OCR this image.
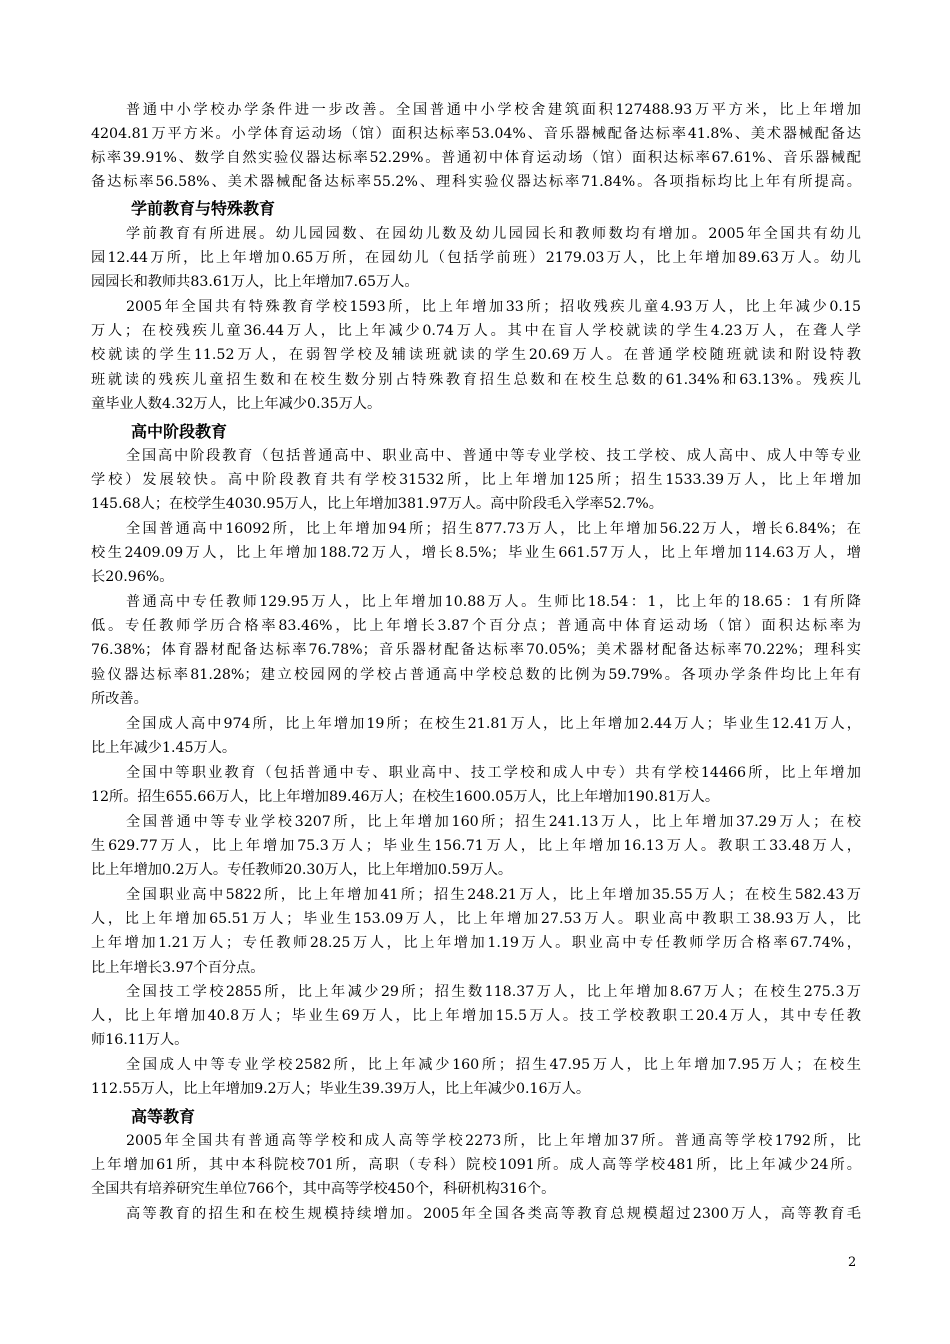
普通中小学校办学条件进一步改善。全国普通中小学校舍建筑面积127488.93万平方米，比上年增加
4204.81万平方米。小学体育运动场（馆）面积达标率53.04%、音乐器械配备达标率41.8%、美术器械配备达
标率39.91%、数学自然实验仪器达标率52.29%。普通初中体育运动场（馆）面积达标率67.61%、音乐器械配
备达标率56.58%、美术器械配备达标率55.2%、理科实验仪器达标率71.84%。各项指标均比上年有所提高。
学前教育与特殊教育
学前教育有所进展。幼儿园园数、在园幼儿数及幼儿园园长和教师数均有增加。2005年全国共有幼儿
园12.44万所，比上年增加0.65万所，在园幼儿（包括学前班）2179.03万人，比上年增加89.63万人。幼儿
园园长和教师共83.61万人，比上年增加7.65万人。
2005年全国共有特殊教育学校1593所，比上年增加33所；招收残疾儿童4.93万人，比上年减少0.15
万人；在校残疾儿童36.44万人，比上年减少0.74万人。其中在盲人学校就读的学生4.23万人，在聋人学
校就读的学生11.52万人，在弱智学校及辅读班就读的学生20.69万人。在普通学校随班就读和附设特教
班就读的残疾儿童招生数和在校生数分别占特殊教育招生总数和在校生总数的61.34%和63.13%。残疾儿
童毕业人数4.32万人，比上年减少0.35万人。
高中阶段教育
全国高中阶段教育（包括普通高中、职业高中、普通中等专业学校、技工学校、成人高中、成人中等专业
学校）发展较快。高中阶段教育共有学校31532所，比上年增加125所；招生1533.39万人，比上年增加
145.68人；在校学生4030.95万人，比上年增加381.97万人。高中阶段毛入学率52.7%。
全国普通高中16092所，比上年增加94所；招生877.73万人，比上年增加56.22万人，增长6.84%；在
校生2409.09万人，比上年增加188.72万人，增长8.5%；毕业生661.57万人，比上年增加114.63万人，增
长20.96%。
普通高中专任教师129.95万人，比上年增加10.88万人。生师比18.54：1，比上年的18.65：1有所降
低。专任教师学历合格率83.46%，比上年增长3.87个百分点；普通高中体育运动场（馆）面积达标率为
76.38%；体育器材配备达标率76.78%；音乐器材配备达标率70.05%；美术器材配备达标率70.22%；理科实
验仪器达标率81.28%；建立校园网的学校占普通高中学校总数的比例为59.79%。各项办学条件均比上年有
所改善。
全国成人高中974所，比上年增加19所；在校生21.81万人，比上年增加2.44万人；毕业生12.41万人，
比上年减少1.45万人。
全国中等职业教育（包括普通中专、职业高中、技工学校和成人中专）共有学校14466所，比上年增加
12所。招生655.66万人，比上年增加89.46万人；在校生1600.05万人，比上年增加190.81万人。
全国普通中等专业学校3207所，比上年增加160所；招生241.13万人，比上年增加37.29万人；在校
生629.77万人，比上年增加75.3万人；毕业生156.71万人，比上年增加16.13万人。教职工33.48万人，
比上年增加0.2万人。专任教师20.30万人，比上年增加0.59万人。
全国职业高中5822所，比上年增加41所；招生248.21万人，比上年增加35.55万人；在校生582.43万
人，比上年增加65.51万人；毕业生153.09万人，比上年增加27.53万人。职业高中教职工38.93万人，比
上年增加1.21万人；专任教师28.25万人，比上年增加1.19万人。职业高中专任教师学历合格率67.74%，
比上年增长3.97个百分点。
全国技工学校2855所，比上年减少29所；招生数118.37万人，比上年增加8.67万人；在校生275.3万
人，比上年增加40.8万人；毕业生69万人，比上年增加15.5万人。技工学校教职工20.4万人，其中专任教
师16.11万人。
全国成人中等专业学校2582所，比上年减少160所；招生47.95万人，比上年增加7.95万人；在校生
112.55万人，比上年增加9.2万人；毕业生39.39万人，比上年减少0.16万人。
高等教育
2005年全国共有普通高等学校和成人高等学校2273所，比上年增加37所。普通高等学校1792所，比
上年增加61所，其中本科院校701所，高职（专科）院校1091所。成人高等学校481所，比上年减少24所。
全国共有培养研究生单位766个，其中高等学校450个，科研机构316个。
高等教育的招生和在校生规模持续增加。2005年全国各类高等教育总规模超过2300万人，高等教育毛
2
